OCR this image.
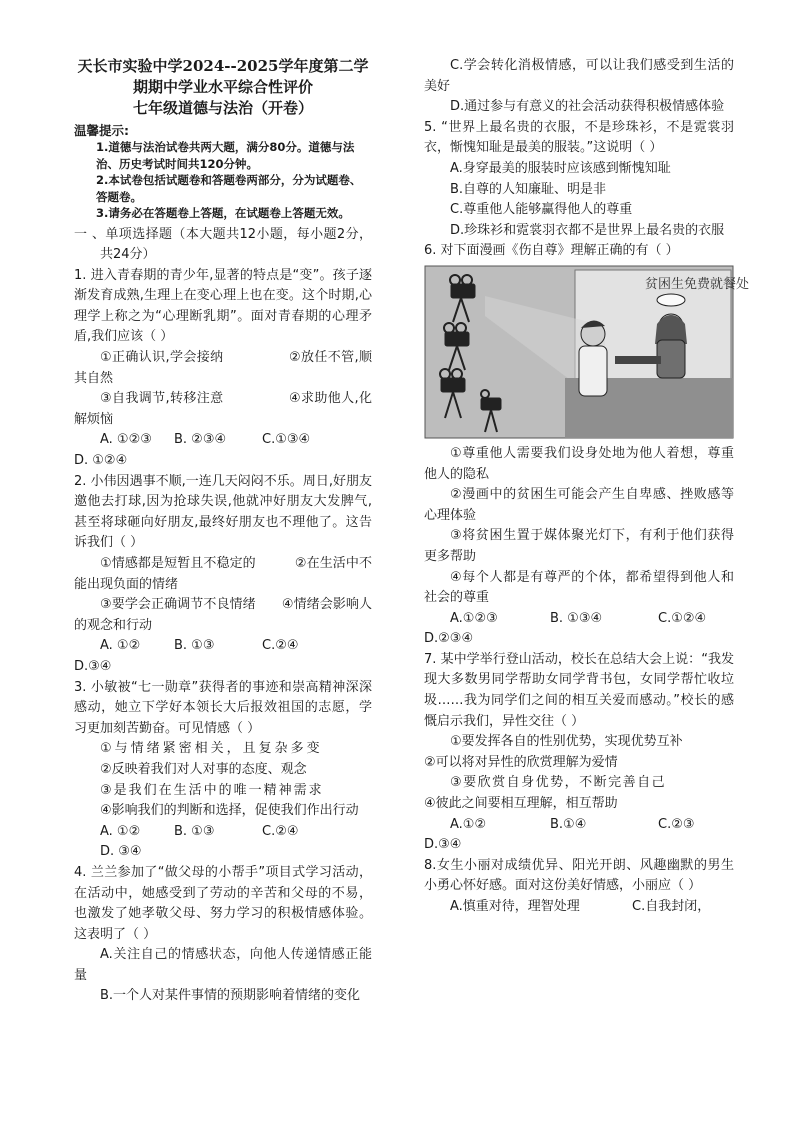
天长市实验中学2024--2025学年度第二学

期期中学业水平综合性评价

七年级道德与法治（开卷）

温馨提示:

1.道德与法治试卷共两大题，满分80分。道德与法治、历史考试时间共120分钟。

2.本试卷包括试题卷和答题卷两部分，分为试题卷、答题卷。

3.请务必在答题卷上答题，在试题卷上答题无效。

一 、单项选择题（本大题共12小题，每小题2分，共24分）

1. 进入青春期的青少年,显著的特点是“变”。孩子逐渐发育成熟,生理上在变心理上也在变。这个时期,心理学上称之为“心理断乳期”。面对青春期的心理矛盾,我们应该（ ）

①正确认识,学会接纳     	②放任不管,顺其自然

③自我调节,转移注意     	④求助他人,化解烦恼

A. ①②③	B. ②③④	C.①③④

D. ①②④

2. 小伟因遇事不顺,一连几天闷闷不乐。周日,好朋友邀他去打球,因为抢球失误,他就冲好朋友大发脾气,甚至将球砸向好朋友,最终好朋友也不理他了。这告诉我们（ ）

①情感都是短暂且不稳定的   	②在生活中不能出现负面的情绪

③要学会正确调节不良情绪   ④情绪会影响人的观念和行动

A. ①②	B. ①③	C.②④

D.③④

3. 小敏被“七一勋章”获得者的事迹和崇高精神深深感动，她立下学好本领长大后报效祖国的志愿，学习更加刻苦勤奋。可见情感（ ）

①与情绪紧密相关，且复杂多变

②反映着我们对人对事的态度、观念

③是我们在生活中的唯一精神需求

④影响我们的判断和选择，促使我们作出行动

A. ①②	B. ①③	C.②④
D. ③④

4. 兰兰参加了“做父母的小帮手”项目式学习活动，在活动中，她感受到了劳动的辛苦和父母的不易，也激发了她孝敬父母、努力学习的积极情感体验。这表明了（ ）

A.关注自己的情感状态，向他人传递情感正能量

B.一个人对某件事情的预期影响着情绪的变化

C.学会转化消极情感，可以让我们感受到生活的美好

D.通过参与有意义的社会活动获得积极情感体验

5. “世界上最名贵的衣服，不是珍珠衫，不是霓裳羽衣，惭愧知耻是最美的服装。”这说明（ ）

A.身穿最美的服装时应该感到惭愧知耻

B.自尊的人知廉耻、明是非

C.尊重他人能够赢得他人的尊重

D.珍珠衫和霓裳羽衣都不是世界上最名贵的衣服

6. 对下面漫画《伤自尊》理解正确的有（ ）

贫困生免费就餐处

①尊重他人需要我们设身处地为他人着想，尊重他人的隐私

②漫画中的贫困生可能会产生自卑感、挫败感等心理体验

③将贫困生置于媒体聚光灯下，有利于他们获得更多帮助

④每个人都是有尊严的个体，都希望得到他人和社会的尊重

A.①②③	B. ①③④	C.①②④

D.②③④

7. 某中学举行登山活动，校长在总结大会上说：“我发现大多数男同学帮助女同学背书包，女同学帮忙收垃圾……我为同学们之间的相互关爱而感动。”校长的感慨启示我们，异性交往（ ）

①要发挥各自的性别优势，实现优势互补

②可以将对异性的欣赏理解为爱情

③要欣赏自身优势，不断完善自己

④彼此之间要相互理解，相互帮助

A.①②	B.①④	C.②③

D.③④

8.女生小丽对成绩优异、阳光开朗、风趣幽默的男生小勇心怀好感。面对这份美好情感，小丽应（ ）

A.慎重对待，理智处理	C.自我封闭，
